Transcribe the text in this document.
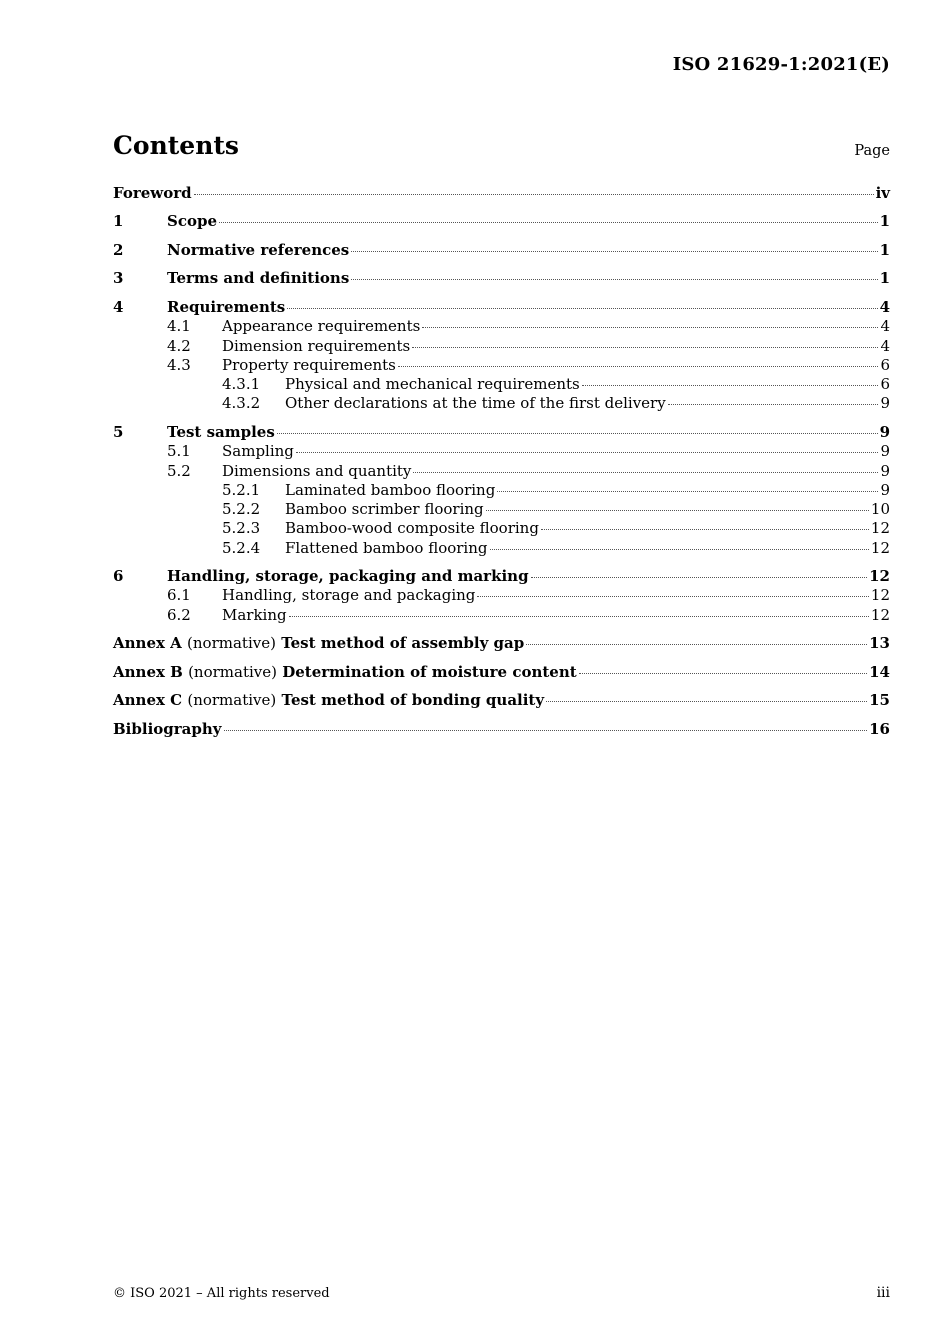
ISO 21629-1:2021(E)
Contents	Page
Foreword	iv
1	Scope	1
2	Normative references	1
3	Terms and definitions	1
4	Requirements	4
4.1	Appearance requirements	4
4.2	Dimension requirements	4
4.3	Property requirements	6
4.3.1	Physical and mechanical requirements	6
4.3.2	Other declarations at the time of the first delivery	9
5	Test samples	9
5.1	Sampling	9
5.2	Dimensions and quantity	9
5.2.1	Laminated bamboo flooring	9
5.2.2	Bamboo scrimber flooring	10
5.2.3	Bamboo-wood composite flooring	12
5.2.4	Flattened bamboo flooring	12
6	Handling, storage, packaging and marking	12
6.1	Handling, storage and packaging	12
6.2	Marking	12
Annex A (normative) Test method of assembly gap	13
Annex B (normative) Determination of moisture content	14
Annex C (normative) Test method of bonding quality	15
Bibliography	16
© ISO 2021 – All rights reserved	iii
